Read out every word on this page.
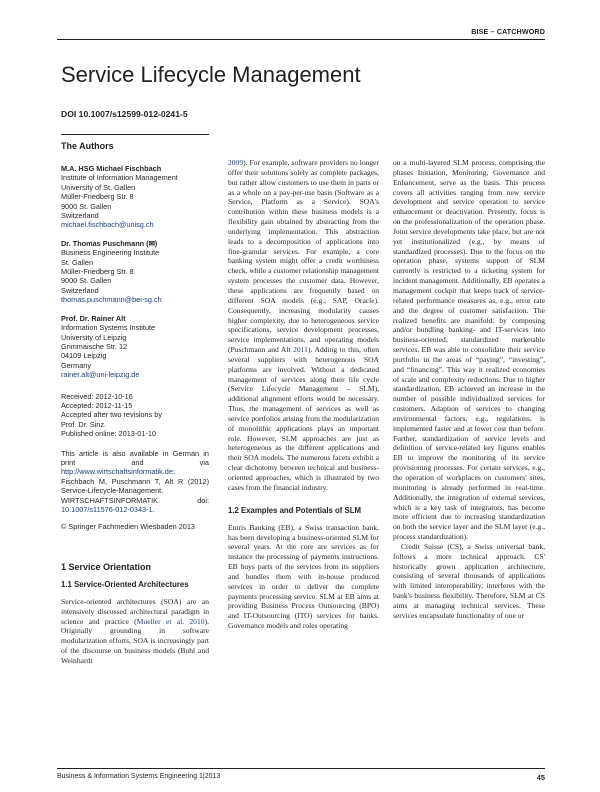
BISE – CATCHWORD
Service Lifecycle Management
DOI 10.1007/s12599-012-0241-5
The Authors
M.A. HSG Michael Fischbach
Institute of Information Management
University of St. Gallen
Müller-Friedberg Str. 8
9000 St. Gallen
Switzerland
michael.fischbach@unisg.ch
Dr. Thomas Puschmann (✉)
Business Engineering Institute
St. Gallen
Müller-Friedberg Str. 8
9000 St. Gallen
Switzerland
thomas.puschmann@bei-sg.ch
Prof. Dr. Rainer Alt
Information Systems Institute
University of Leipzig
Grimmaische Str. 12
04109 Leipzig
Germany
rainer.alt@uni-leipzig.de
Received: 2012-10-16
Accepted: 2012-11-15
Accepted after two revisions by
Prof. Dr. Sinz.
Published online: 2013-01-10
This article is also available in German in print and via http://www.wirtschaftsinformatik.de: Fischbach M, Puschmann T, Alt R (2012) Service-Lifecycle-Management. WIRTSCHAFTSINFORMATIK. doi: 10.1007/s11576-012-0343-1.
© Springer Fachmedien Wiesbaden 2013
1 Service Orientation
1.1 Service-Oriented Architectures

Service-oriented architectures (SOA) are an intensively discussed architectural paradigm in science and practice (Mueller et al. 2010). Originally grounding in software modularization efforts, SOA is increasingly part of the discourse on business models (Buhl and Weinhardt

2009). For example, software providers no longer offer their solutions solely as complete packages, but rather allow customers to use them in parts or as a whole on a pay-per-use basis (Software as a Service, Platform as a Service). SOA's contribution within these business models is a flexibility gain obtained by abstracting from the underlying implementation. This abstraction leads to a decomposition of applications into fine-granular services. For example, a core banking system might offer a credit worthiness check, while a customer relationship management system processes the customer data. However, these applications are frequently based on different SOA models (e.g., SAP, Oracle). Consequently, increasing modularity causes higher complexity, due to heterogeneous service specifications, service development processes, service implementations, and operating models (Puschmann and Alt 2011). Adding to this, often several suppliers with heterogenous SOA platforms are involved. Without a dedicated management of services along their life cycle (Service Lifecycle Management – SLM), additional alignment efforts would be necessary. Thus, the management of services as well as service portfolios arising from the modularization of monolithic applications plays an important role. However, SLM approaches are just as heterogeneous as the different applications and their SOA models. The numerous facets exhibit a clear dichotomy between technical and business-oriented approaches, which is illustrated by two cases from the financial industry.

1.2 Examples and Potentials of SLM

Entris Banking (EB), a Swiss transaction bank, has been developing a business-oriented SLM for several years. At the core are services as for instance the processing of payments instructions. EB buys parts of the services from its suppliers and bundles them with in-house produced services in order to deliver the complete payments processing service. SLM at EB aims at providing Business Process Outsourcing (BPO) and IT-Outsourcing (ITO) services for banks. Governance models and roles operating

on a multi-layered SLM process, comprising the phases Initiation, Monitoring, Governance and Enhancement, serve as the basis. This process covers all activities ranging from new service development and service operation to service enhancement or deactivation. Presently, focus is on the professionalization of the operation phase. Joint service developments take place, but are not yet institutionalized (e.g., by means of standardized processes). Due to the focus on the operation phase, systems support of SLM currently is restricted to a ticketing system for incident management. Additionally, EB operates a management cockpit that keeps track of service-related performance measures as, e.g., error rate and the degree of customer satisfaction. The realized benefits are manifold: by composing and/or bundling banking- and IT-services into business-oriented, standardized marketable services, EB was able to consolidate their service portfolio in the areas of “paying”, “investing”, and “financing”. This way it realized economies of scale and complexity reductions. Due to higher standardization, EB achieved an increase in the number of possible individualized services for customers. Adaption of services to changing environmental factors, e.g., regulations, is implemented faster and at lower cost than before. Further, standardization of service levels and definition of service-related key figures enables EB to improve the monitoring of its service provisioning processes. For certain services, e.g., the operation of workplaces on customers' sites, monitoring is already performed in real-time. Additionally, the integration of external services, which is a key task of integrators, has become more efficient due to increasing standardization on both the service layer and the SLM layer (e.g., process standardization).

Credit Suisse (CS), a Swiss universal bank, follows a more technical approach. CS' historically grown application architecture, consisting of several thousands of applications with limited interoperability, interferes with the bank's business flexibility. Therefore, SLM at CS aims at managing technical services. These services encapsulate functionality of one or

Business & Information Systems Engineering 1|2013	45
